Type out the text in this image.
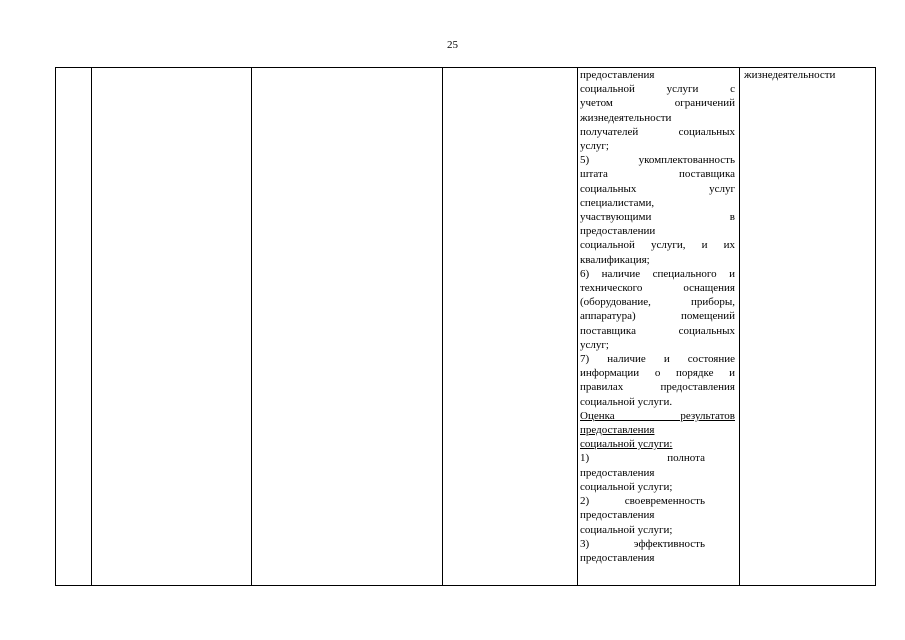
25
предоставления
социальной услуги с
учетом ограничений
жизнедеятельности
получателей социальных
услуг;
5) укомплектованность
штата поставщика
социальных услуг
специалистами,
участвующими в
предоставлении
социальной услуги, и их
квалификация;
6) наличие специального и
технического оснащения
(оборудование, приборы,
аппаратура) помещений
поставщика социальных
услуг;
7) наличие и состояние
информации о порядке и
правилах предоставления
социальной услуги.
Оценка результатов
предоставления
социальной услуги:
1) полнота
предоставления
социальной услуги;
2) своевременность
предоставления
социальной услуги;
3) эффективность
предоставления
жизнедеятельности
